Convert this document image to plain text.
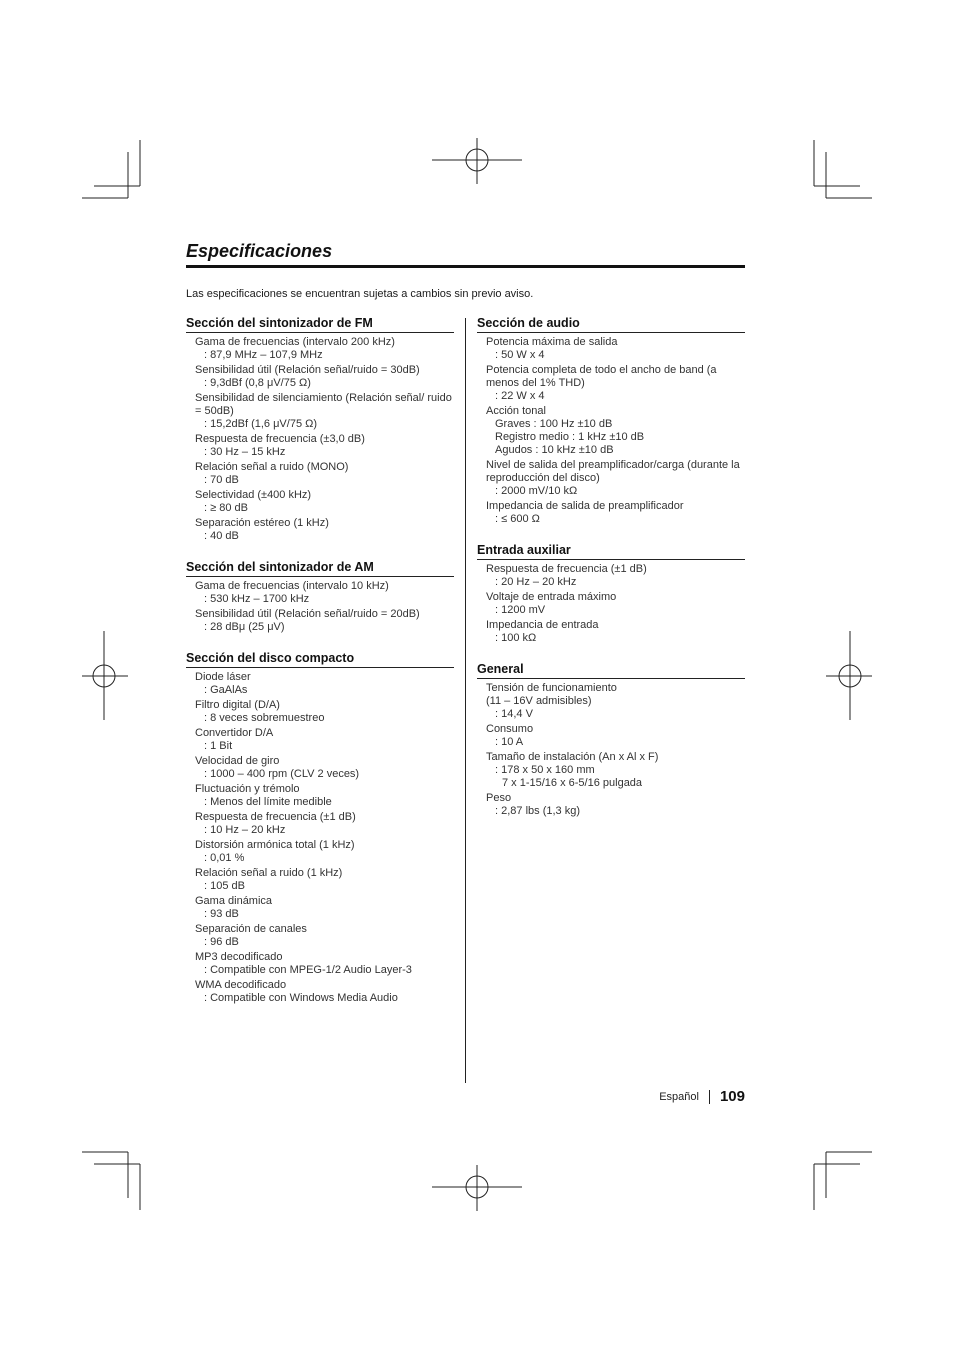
Especificaciones

Las especificaciones se encuentran sujetas a cambios sin previo aviso.

Sección del sintonizador de FM
Gama de frecuencias (intervalo 200 kHz)
: 87,9 MHz – 107,9 MHz
Sensibilidad útil (Relación señal/ruido = 30dB)
: 9,3dBf (0,8 μV/75 Ω)
Sensibilidad de silenciamiento (Relación señal/ ruido = 50dB)
: 15,2dBf (1,6 μV/75 Ω)
Respuesta de frecuencia (±3,0 dB)
: 30 Hz – 15 kHz
Relación señal a ruido (MONO)
: 70 dB
Selectividad (±400 kHz)
: ≥ 80 dB
Separación estéreo (1 kHz)
: 40 dB
Sección del sintonizador de AM
Gama de frecuencias (intervalo 10 kHz)
: 530 kHz – 1700 kHz
Sensibilidad útil (Relación señal/ruido = 20dB)
: 28 dBμ (25 μV)
Sección del disco compacto
Diode láser
: GaAlAs
Filtro digital (D/A)
: 8 veces sobremuestreo
Convertidor D/A
: 1 Bit
Velocidad de giro
: 1000 – 400 rpm (CLV 2 veces)
Fluctuación y trémolo
: Menos del límite medible
Respuesta de frecuencia (±1 dB)
: 10 Hz – 20 kHz
Distorsión armónica total (1 kHz)
: 0,01 %
Relación señal a ruido (1 kHz)
: 105 dB
Gama dinámica
: 93 dB
Separación de canales
: 96 dB
MP3 decodificado
: Compatible con MPEG-1/2 Audio Layer-3
WMA decodificado
: Compatible con Windows Media Audio
Sección de audio
Potencia máxima de salida
: 50 W x 4
Potencia completa de todo el ancho de band (a menos del 1% THD)
: 22 W x 4
Acción tonal
Graves : 100 Hz ±10 dB
Registro medio : 1 kHz ±10 dB
Agudos : 10 kHz ±10 dB
Nivel de salida del preamplificador/carga (durante la reproducción del disco)
: 2000 mV/10 kΩ
Impedancia de salida de preamplificador
: ≤ 600 Ω
Entrada auxiliar
Respuesta de frecuencia (±1 dB)
: 20 Hz – 20 kHz
Voltaje de entrada máximo
: 1200 mV
Impedancia de entrada
: 100 kΩ
General
Tensión de funcionamiento
(11 – 16V admisibles)
: 14,4 V
Consumo
: 10 A
Tamaño de instalación (An x Al x F)
: 178 x 50 x 160 mm
7 x 1-15/16 x 6-5/16 pulgada
Peso
: 2,87 lbs (1,3 kg)
Español 109
